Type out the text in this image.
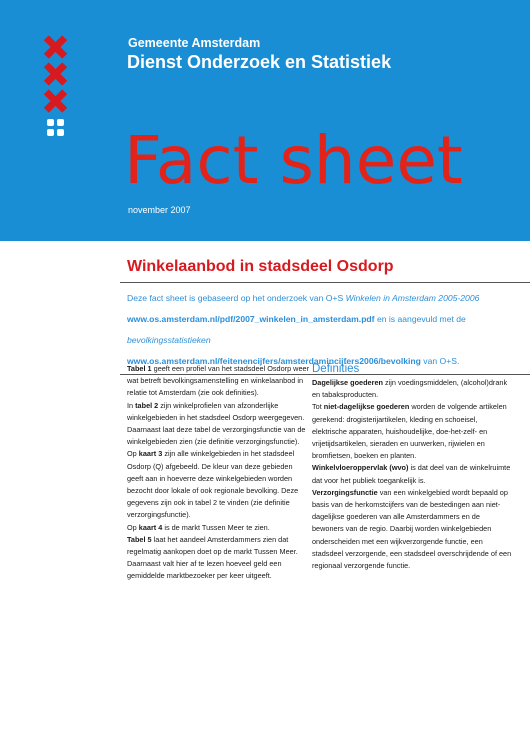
Gemeente Amsterdam
Dienst Onderzoek en Statistiek
Fact sheet
november 2007
Winkelaanbod in stadsdeel Osdorp
Deze fact sheet is gebaseerd op het onderzoek van O+S Winkelen in Amsterdam 2005-2006 www.os.amsterdam.nl/pdf/2007_winkelen_in_amsterdam.pdf en is aangevuld met de bevolkingsstatistieken www.os.amsterdam.nl/feitenencijfers/amsterdamincijfers2006/bevolking van O+S.

Tabel 1 geeft een profiel van het stadsdeel Osdorp weer wat betreft bevolkingsamenstelling en winkelaanbod in relatie tot Amsterdam (zie ook definities).

In tabel 2 zijn winkelprofielen van afzonderlijke winkelgebieden in het stadsdeel Osdorp weergegeven. Daarnaast laat deze tabel de verzorgingsfunctie van de winkelgebieden zien (zie definitie verzorgingsfunctie).

Op kaart 3 zijn alle winkelgebieden in het stadsdeel Osdorp (Q) afgebeeld. De kleur van deze gebieden geeft aan in hoeverre deze winkelgebieden worden bezocht door lokale of ook regionale bevolking. Deze gegevens zijn ook in tabel 2 te vinden (zie definitie verzorgingsfunctie).

Op kaart 4 is de markt Tussen Meer te zien.

Tabel 5 laat het aandeel Amsterdammers zien dat regelmatig aankopen doet op de markt Tussen Meer. Daarnaast valt hier af te lezen hoeveel geld een gemiddelde marktbezoeker per keer uitgeeft.

Definities

Dagelijkse goederen zijn voedingsmiddelen, (alcohol)drank en tabaksproducten.

Tot niet-dagelijkse goederen worden de volgende artikelen gerekend: drogisterijartikelen, kleding en schoeisel, elektrische apparaten, huishoudelijke, doe-het-zelf- en vrijetijdsartikelen, sieraden en uurwerken, rijwielen en bromfietsen, boeken en planten.

Winkelvloeroppervlak (wvo) is dat deel van de winkelruimte dat voor het publiek toegankelijk is.

Verzorgingsfunctie van een winkelgebied wordt bepaald op basis van de herkomstcijfers van de bestedingen aan niet-dagelijkse goederen van alle Amsterdammers en de bewoners van de regio. Daarbij worden winkelgebieden onderscheiden met een wijkverzorgende functie, een stadsdeel verzorgende, een stadsdeel overschrijdende of een regionaal verzorgende functie.
